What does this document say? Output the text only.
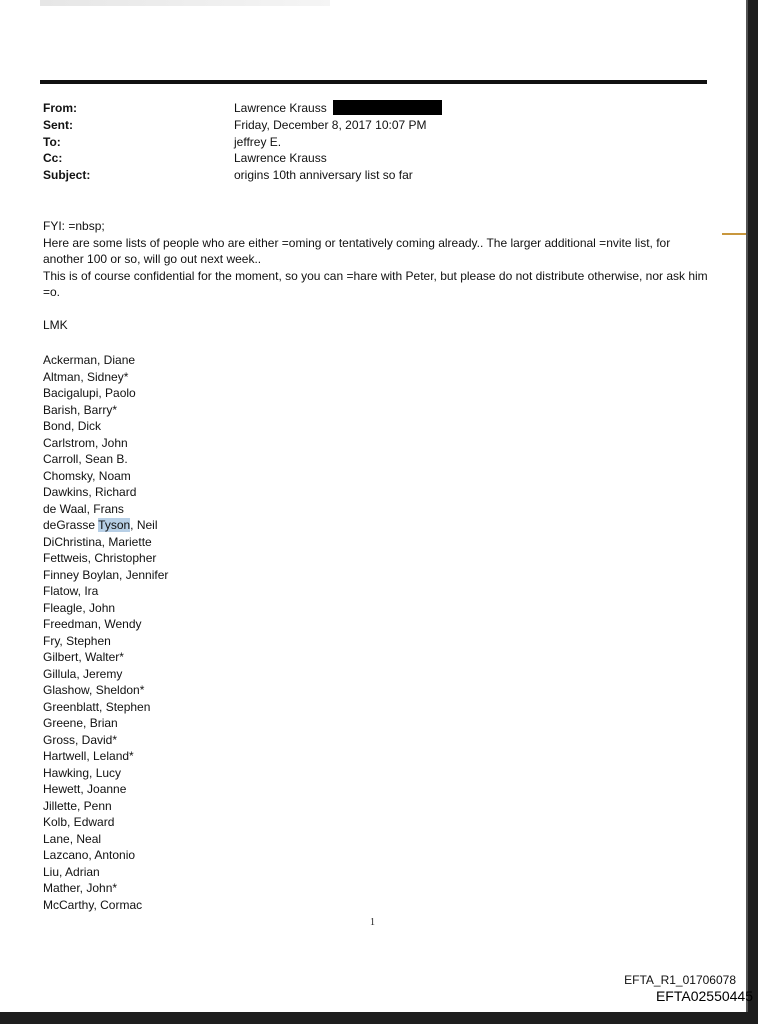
From:	Lawrence Krauss
Sent:	Friday, December 8, 2017 10:07 PM
To:	jeffrey E.
Cc:	Lawrence Krauss
Subject:	origins 10th anniversary list so far

FYI: =nbsp;

Here are some lists of people who are either =oming or tentatively coming already.. The larger additional =nvite list, for another 100 or so, will go out next week..

This is of course confidential for the moment, so you can =hare with Peter, but please do not distribute otherwise, nor ask him =o.

LMK

Ackerman, Diane
Altman, Sidney*
Bacigalupi, Paolo
Barish, Barry*
Bond, Dick
Carlstrom, John
Carroll, Sean B.
Chomsky, Noam
Dawkins, Richard
de Waal, Frans
deGrasse Tyson, Neil
DiChristina, Mariette
Fettweis, Christopher
Finney Boylan, Jennifer
Flatow, Ira
Fleagle, John
Freedman, Wendy
Fry, Stephen
Gilbert, Walter*
Gillula, Jeremy
Glashow, Sheldon*
Greenblatt, Stephen
Greene, Brian
Gross, David*
Hartwell, Leland*
Hawking, Lucy
Hewett, Joanne
Jillette, Penn
Kolb, Edward
Lane, Neal
Lazcano, Antonio
Liu, Adrian
Mather, John*
McCarthy, Cormac
1
EFTA_R1_01706078
EFTA02550445
